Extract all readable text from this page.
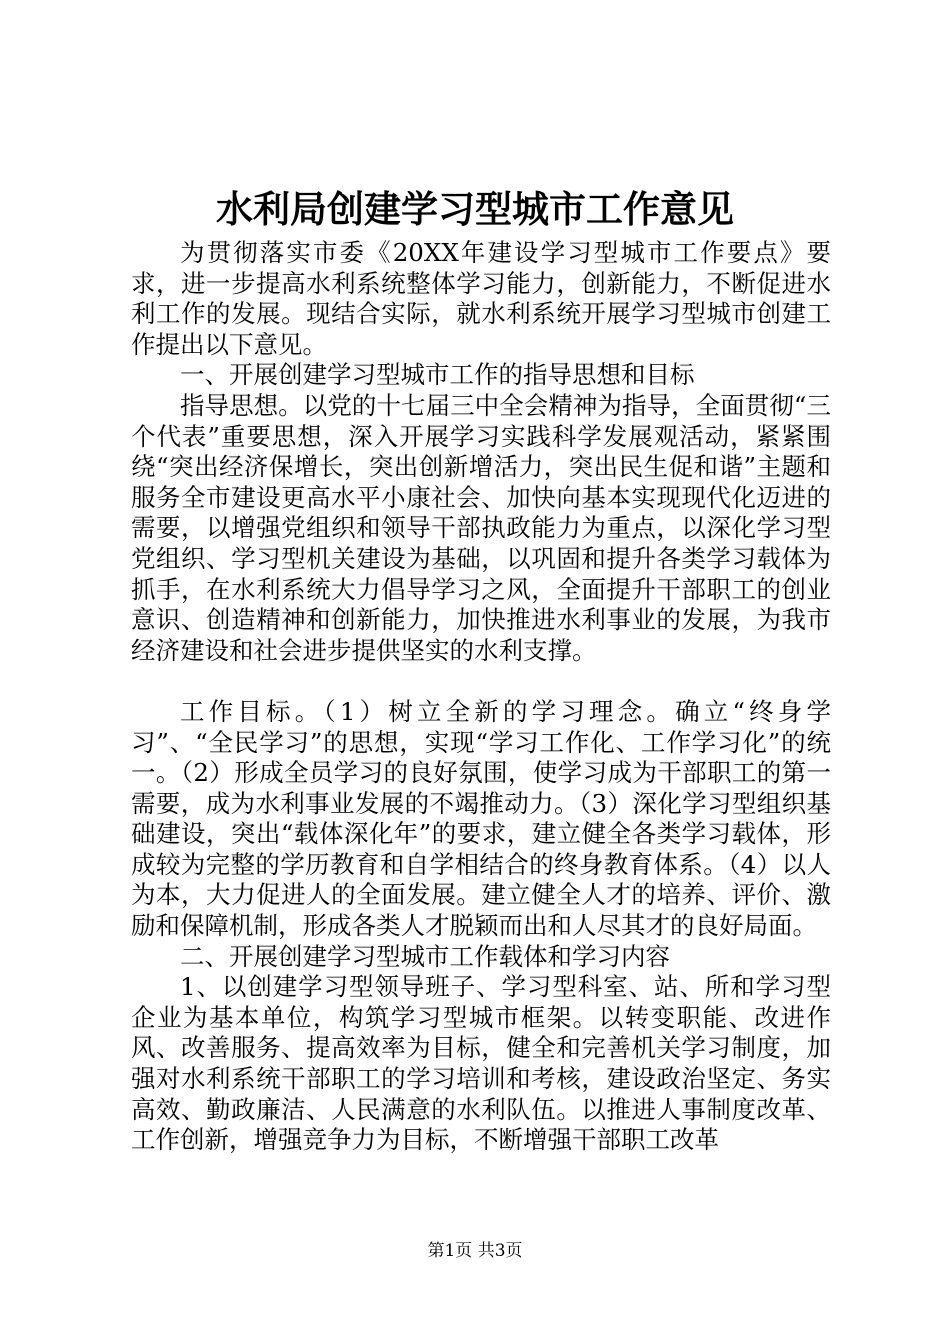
水利局创建学习型城市工作意见

为贯彻落实市委《20XX年建设学习型城市工作要点》要求，进一步提高水利系统整体学习能力，创新能力，不断促进水利工作的发展。现结合实际，就水利系统开展学习型城市创建工作提出以下意见。

一、开展创建学习型城市工作的指导思想和目标

指导思想。以党的十七届三中全会精神为指导，全面贯彻“三个代表”重要思想，深入开展学习实践科学发展观活动，紧紧围绕“突出经济保增长，突出创新增活力，突出民生促和谐”主题和服务全市建设更高水平小康社会、加快向基本实现现代化迈进的需要，以增强党组织和领导干部执政能力为重点，以深化学习型党组织、学习型机关建设为基础，以巩固和提升各类学习载体为抓手，在水利系统大力倡导学习之风，全面提升干部职工的创业意识、创造精神和创新能力，加快推进水利事业的发展，为我市经济建设和社会进步提供坚实的水利支撑。

工作目标。（1）树立全新的学习理念。确立“终身学习”、“全民学习”的思想，实现“学习工作化、工作学习化”的统一。（2）形成全员学习的良好氛围，使学习成为干部职工的第一需要，成为水利事业发展的不竭推动力。（3）深化学习型组织基础建设，突出“载体深化年”的要求，建立健全各类学习载体，形成较为完整的学历教育和自学相结合的终身教育体系。（4）以人为本，大力促进人的全面发展。建立健全人才的培养、评价、激励和保障机制，形成各类人才脱颖而出和人尽其才的良好局面。

二、开展创建学习型城市工作载体和学习内容

1、以创建学习型领导班子、学习型科室、站、所和学习型企业为基本单位，构筑学习型城市框架。以转变职能、改进作风、改善服务、提高效率为目标，健全和完善机关学习制度，加强对水利系统干部职工的学习培训和考核，建设政治坚定、务实高效、勤政廉洁、人民满意的水利队伍。以推进人事制度改革、工作创新，增强竞争力为目标，不断增强干部职工改革

第1页 共3页
